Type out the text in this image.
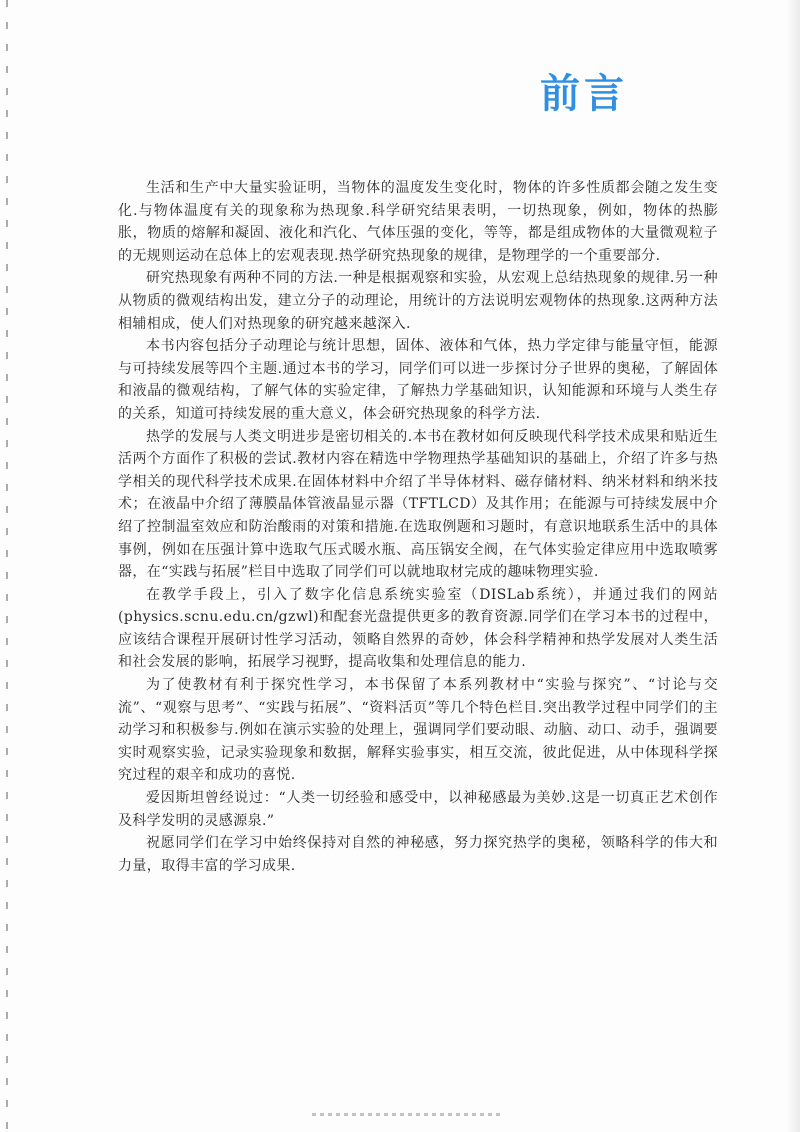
前言

生活和生产中大量实验证明，当物体的温度发生变化时，物体的许多性质都会随之发生变化.与物体温度有关的现象称为热现象.科学研究结果表明，一切热现象，例如，物体的热膨胀，物质的熔解和凝固、液化和汽化、气体压强的变化，等等，都是组成物体的大量微观粒子的无规则运动在总体上的宏观表现.热学研究热现象的规律，是物理学的一个重要部分.

研究热现象有两种不同的方法.一种是根据观察和实验，从宏观上总结热现象的规律.另一种从物质的微观结构出发，建立分子的动理论，用统计的方法说明宏观物体的热现象.这两种方法相辅相成，使人们对热现象的研究越来越深入.

本书内容包括分子动理论与统计思想，固体、液体和气体，热力学定律与能量守恒，能源与可持续发展等四个主题.通过本书的学习，同学们可以进一步探讨分子世界的奥秘，了解固体和液晶的微观结构，了解气体的实验定律，了解热力学基础知识，认知能源和环境与人类生存的关系，知道可持续发展的重大意义，体会研究热现象的科学方法.

热学的发展与人类文明进步是密切相关的.本书在教材如何反映现代科学技术成果和贴近生活两个方面作了积极的尝试.教材内容在精选中学物理热学基础知识的基础上，介绍了许多与热学相关的现代科学技术成果.在固体材料中介绍了半导体材料、磁存储材料、纳米材料和纳米技术；在液晶中介绍了薄膜晶体管液晶显示器（TFTLCD）及其作用；在能源与可持续发展中介绍了控制温室效应和防治酸雨的对策和措施.在选取例题和习题时，有意识地联系生活中的具体事例，例如在压强计算中选取气压式暖水瓶、高压锅安全阀，在气体实验定律应用中选取喷雾器，在“实践与拓展”栏目中选取了同学们可以就地取材完成的趣味物理实验.

在教学手段上，引入了数字化信息系统实验室（DISLab系统），并通过我们的网站(physics.scnu.edu.cn/gzwl)和配套光盘提供更多的教育资源.同学们在学习本书的过程中，应该结合课程开展研讨性学习活动，领略自然界的奇妙，体会科学精神和热学发展对人类生活和社会发展的影响，拓展学习视野，提高收集和处理信息的能力.

为了使教材有利于探究性学习，本书保留了本系列教材中“实验与探究”、“讨论与交流”、“观察与思考”、“实践与拓展”、“资料活页”等几个特色栏目.突出教学过程中同学们的主动学习和积极参与.例如在演示实验的处理上，强调同学们要动眼、动脑、动口、动手，强调要实时观察实验，记录实验现象和数据，解释实验事实，相互交流，彼此促进，从中体现科学探究过程的艰辛和成功的喜悦.

爱因斯坦曾经说过：“人类一切经验和感受中，以神秘感最为美妙.这是一切真正艺术创作及科学发明的灵感源泉.”

祝愿同学们在学习中始终保持对自然的神秘感，努力探究热学的奥秘，领略科学的伟大和力量，取得丰富的学习成果.
